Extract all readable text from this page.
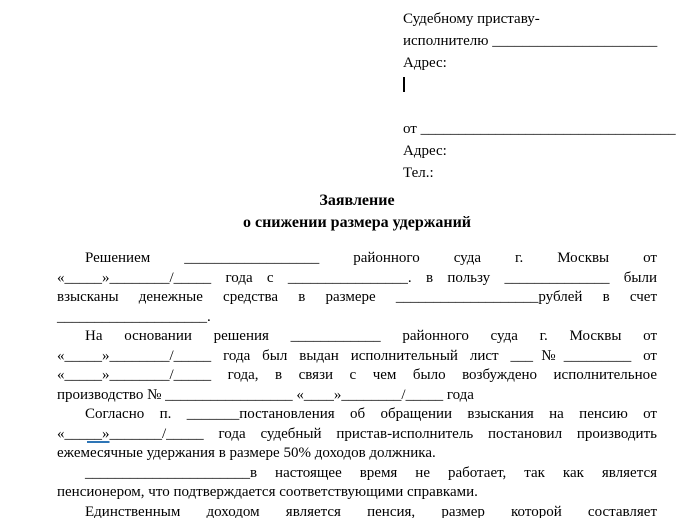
Судебному приставу-
исполнителю ______________________
Адрес:
от __________________________________
Адрес:
Тел.:
Заявление
о снижении размера удержаний
Решением __________________ районного суда г. Москвы от
«_____»________/_____ года с ________________. в пользу ______________ были
взысканы денежные средства в размере ___________________рублей в счет
____________________.
На основании решения ____________ районного суда г. Москвы от
«_____»________/_____ года был выдан исполнительный лист ___№_________ от
«_____»________/_____ года, в связи с чем было возбуждено исполнительное
производство № _________________ «____»________/_____ года
Согласно п. _______постановления об обращении взыскания на пенсию от
«_____»_______/_____ года судебный пристав-исполнитель постановил производить
ежемесячные удержания в размере 50% доходов должника.
______________________в настоящее время не работает, так как является
пенсионером, что подтверждается соответствующими справками.
Единственным доходом является пенсия, размер которой составляет
